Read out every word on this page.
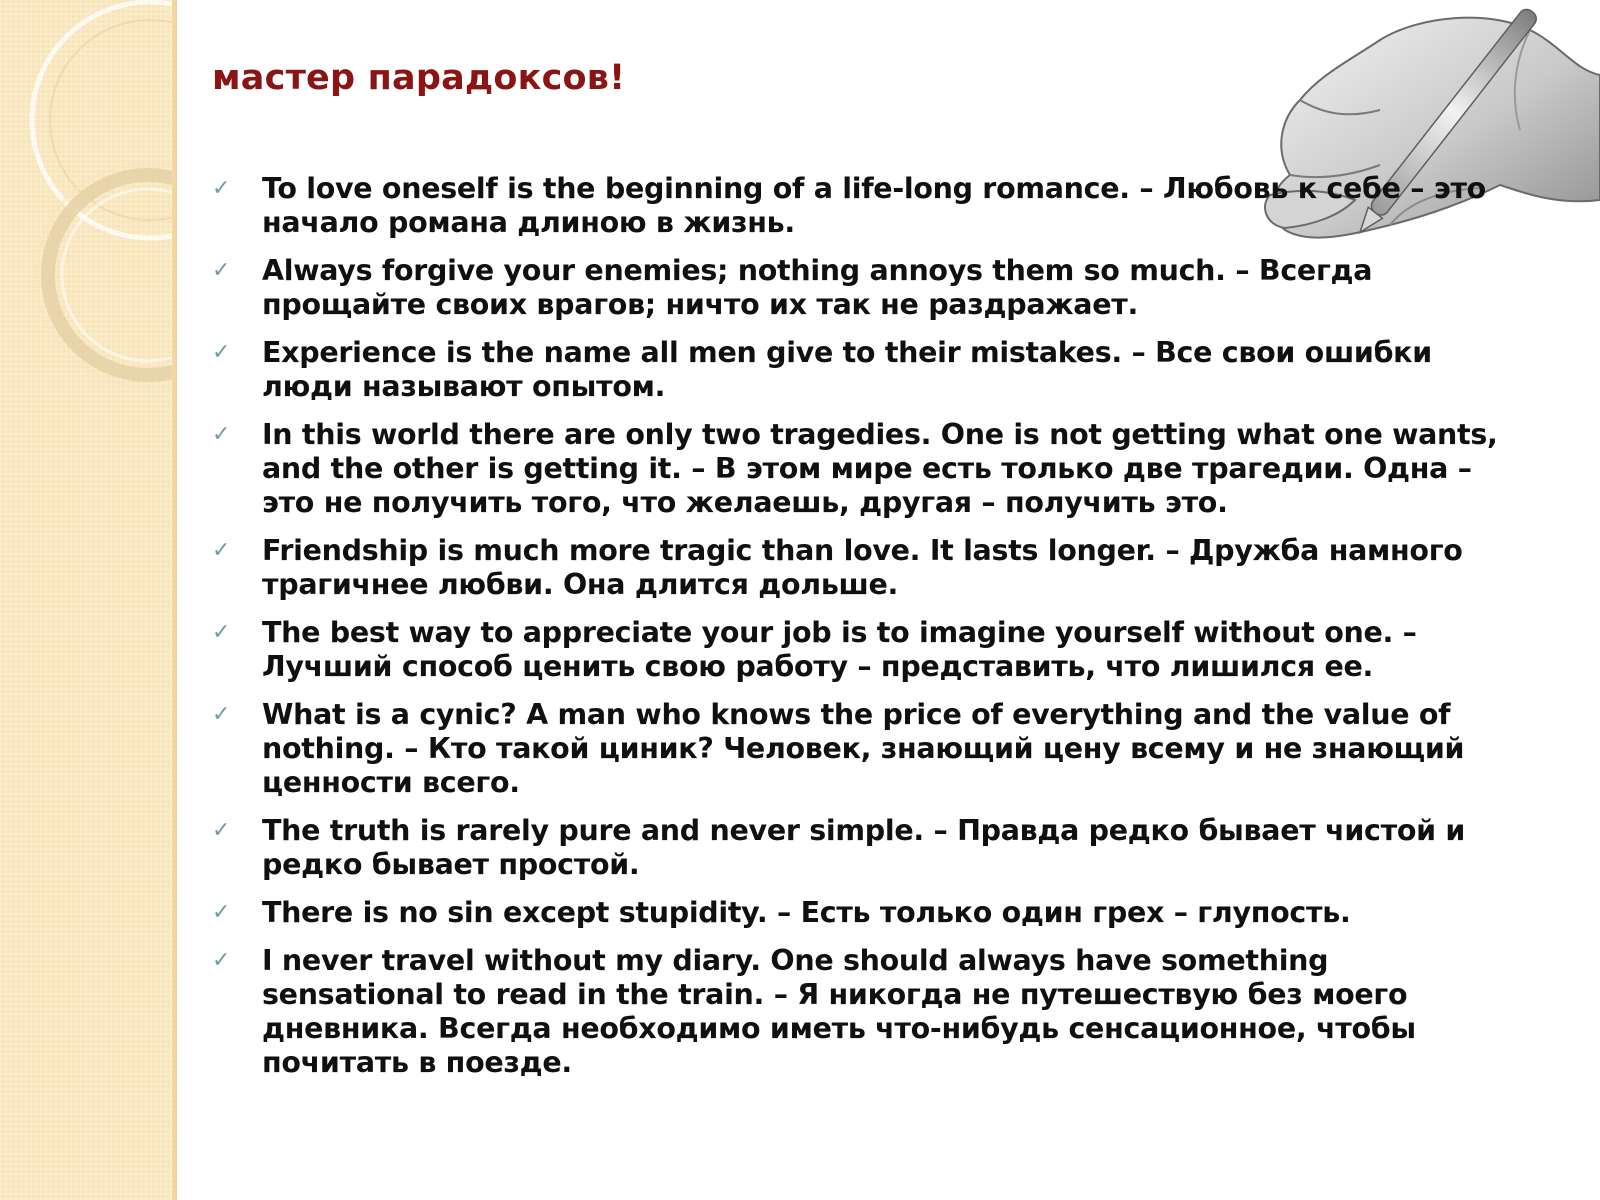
мастер парадоксов!
✓ To love oneself is the beginning of a life-long romance. – Любовь к себе – это начало романа длиною в жизнь.
✓ Always forgive your enemies; nothing annoys them so much. – Всегда прощайте своих врагов; ничто их так не раздражает.
✓ Experience is the name all men give to their mistakes. – Все свои ошибки люди называют опытом.
✓ In this world there are only two tragedies. One is not getting what one wants, and the other is getting it. – В этом мире есть только две трагедии. Одна – это не получить того, что желаешь, другая – получить это.
✓ Friendship is much more tragic than love. It lasts longer. – Дружба намного трагичнее любви. Она длится дольше.
✓ The best way to appreciate your job is to imagine yourself without one. – Лучший способ ценить свою работу – представить, что лишился ее.
✓ What is a cynic? A man who knows the price of everything and the value of nothing. – Кто такой циник? Человек, знающий цену всему и не знающий ценности всего.
✓ The truth is rarely pure and never simple. – Правда редко бывает чистой и редко бывает простой.
✓ There is no sin except stupidity. – Есть только один грех – глупость.
✓ I never travel without my diary. One should always have something sensational to read in the train. – Я никогда не путешествую без моего дневника. Всегда необходимо иметь что-нибудь сенсационное, чтобы почитать в поезде.
